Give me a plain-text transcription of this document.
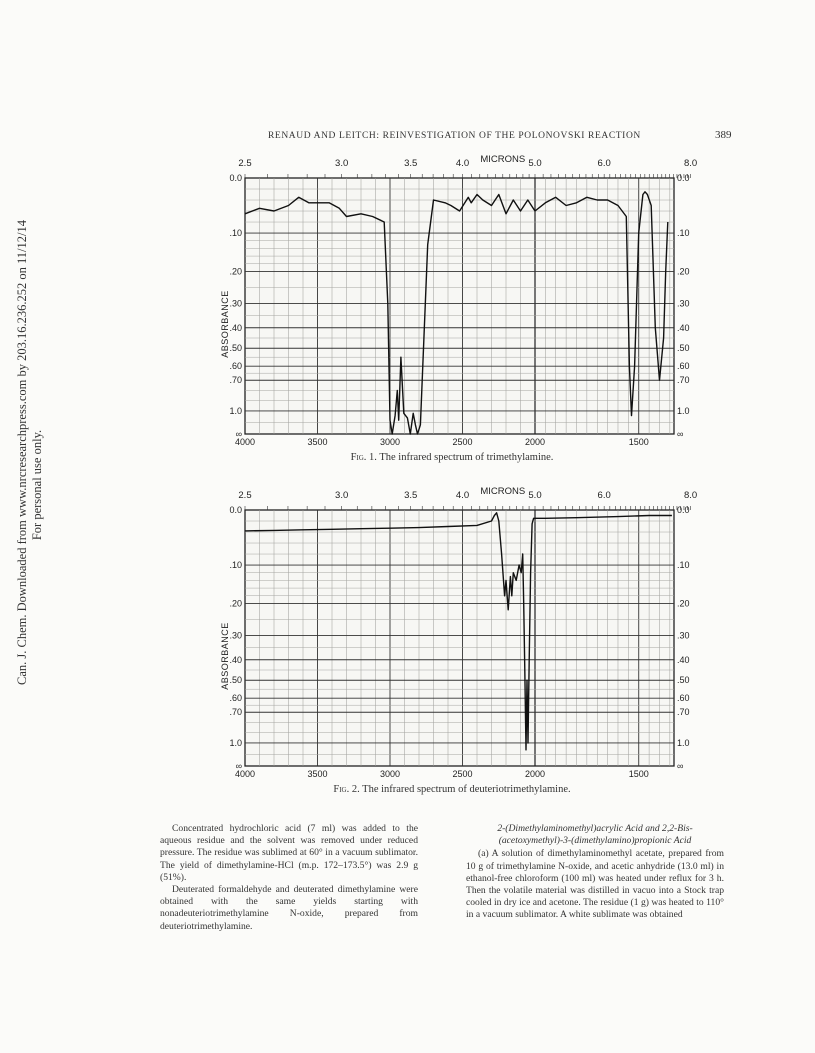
Can. J. Chem. Downloaded from www.nrcresearchpress.com by 203.16.236.252 on 11/12/14 For personal use only.
RENAUD AND LEITCH: REINVESTIGATION OF THE POLONOVSKI REACTION	389
0.0
.10
.20
.30
.40
.50
.60
.70
1.0
∞
0.0
.10
.20
.30
.40
.50
.60
.70
1.0
∞
ABSORBANCE
2.5	3.0	3.5	4.0	5.0	6.0	8.0
MICRONS
4000	3500	3000	2500	2000	1500
Fig. 1. The infrared spectrum of trimethylamine.
0.0
.10
.20
.30
.40
.50
.60
.70
1.0
∞
0.0
.10
.20
.30
.40
.50
.60
.70
1.0
∞
ABSORBANCE
2.5	3.0	3.5	4.0	5.0	6.0	8.0
MICRONS
4000	3500	3000	2500	2000	1500
Fig. 2. The infrared spectrum of deuteriotrimethylamine.

Concentrated hydrochloric acid (7 ml) was added to the aqueous residue and the solvent was removed under reduced pressure. The residue was sublimed at 60° in a vacuum sublimator. The yield of dimethylamine-HCl (m.p. 172–173.5°) was 2.9 g (51%).

Deuterated formaldehyde and deuterated dimethylamine were obtained with the same yields starting with nonadeuteriotrimethylamine N-oxide, prepared from deuteriotrimethylamine.

2-(Dimethylaminomethyl)acrylic Acid and 2,2-Bis-
(acetoxymethyl)-3-(dimethylamino)propionic Acid

(a) A solution of dimethylaminomethyl acetate, prepared from 10 g of trimethylamine N-oxide, and acetic anhydride (13.0 ml) in ethanol-free chloroform (100 ml) was heated under reflux for 3 h. Then the volatile material was distilled in vacuo into a Stock trap cooled in dry ice and acetone. The residue (1 g) was heated to 110° in a vacuum sublimator. A white sublimate was obtained
